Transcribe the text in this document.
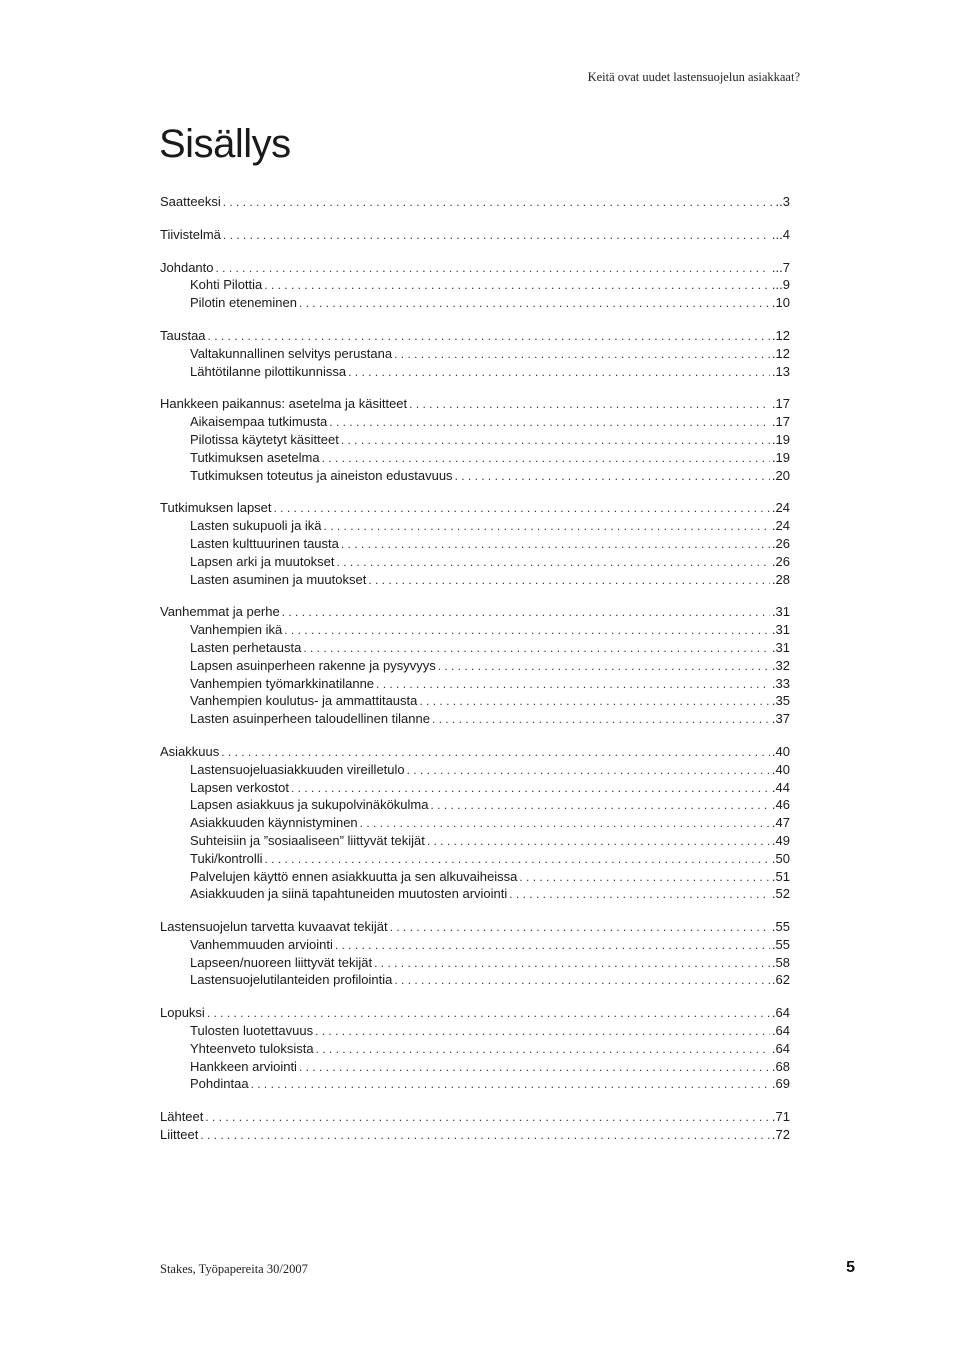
Keitä ovat uudet lastensuojelun asiakkaat?
Sisällys
Saatteeksi . . .	..3
Tiivistelmä . . .	...4
Johdanto . . .	...7
Kohti Pilottia . . .	...9
Pilotin eteneminen . . .	.10
Taustaa . . .	.12
Valtakunnallinen selvitys perustana . . .	.12
Lähtötilanne pilottikunnissa . . .	.13
Hankkeen paikannus: asetelma ja käsitteet . . .	.17
Aikaisempaa tutkimusta . . .	.17
Pilotissa käytetyt käsitteet . . .	.19
Tutkimuksen asetelma . . .	.19
Tutkimuksen toteutus ja aineiston edustavuus . . .	.20
Tutkimuksen lapset . . .	.24
Lasten sukupuoli ja ikä . . .	.24
Lasten kulttuurinen tausta . . .	.26
Lapsen arki ja muutokset . . .	.26
Lasten asuminen ja muutokset . . .	.28
Vanhemmat ja perhe . . .	.31
Vanhempien ikä . . .	.31
Lasten perhetausta . . .	.31
Lapsen asuinperheen rakenne ja pysyvyys . . .	.32
Vanhempien työmarkkinatilanne . . .	.33
Vanhempien koulutus- ja ammattitausta . . .	.35
Lasten asuinperheen taloudellinen tilanne . . .	.37
Asiakkuus . . .	.40
Lastensuojeluasiakkuuden vireilletulo . . .	.40
Lapsen verkostot . . .	.44
Lapsen asiakkuus ja sukupolvinäkökulma . . .	.46
Asiakkuuden käynnistyminen . . .	.47
Suhteisiin ja ”sosiaaliseen” liittyvät tekijät . . .	.49
Tuki/kontrolli . . .	.50
Palvelujen käyttö ennen asiakkuutta ja sen alkuvaiheissa . . .	.51
Asiakkuuden ja siinä tapahtuneiden muutosten arviointi . . .	.52
Lastensuojelun tarvetta kuvaavat tekijät . . .	.55
Vanhemmuuden arviointi . . .	.55
Lapseen/nuoreen liittyvät tekijät . . .	.58
Lastensuojelutilanteiden profilointia . . .	.62
Lopuksi . . .	.64
Tulosten luotettavuus . . .	.64
Yhteenveto tuloksista . . .	.64
Hankkeen arviointi . . .	.68
Pohdintaa . . .	.69
Lähteet . . .	.71
Liitteet . . .	.72
Stakes, Työpapereita 30/2007	5
